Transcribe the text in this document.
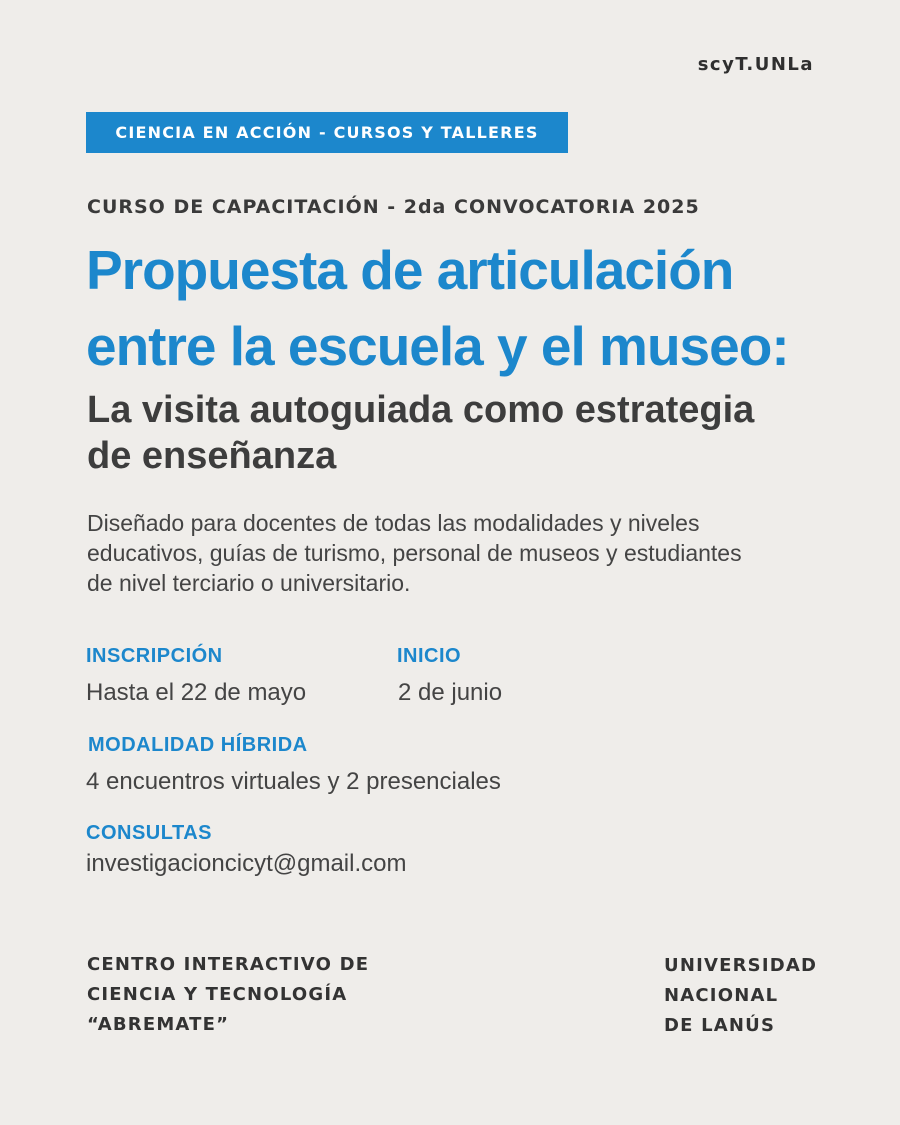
scyT.UNLa
CIENCIA EN ACCIÓN - CURSOS Y TALLERES
CURSO DE CAPACITACIÓN - 2da CONVOCATORIA 2025
Propuesta de articulación
entre la escuela y el museo:
La visita autoguiada como estrategia
de enseñanza

Diseñado para docentes de todas las modalidades y niveles
educativos, guías de turismo, personal de museos y estudiantes
de nivel terciario o universitario.

INSCRIPCIÓN
Hasta el 22 de mayo
INICIO
2 de junio
MODALIDAD HÍBRIDA
4 encuentros virtuales y 2 presenciales
CONSULTAS
investigacioncicyt@gmail.com
CENTRO INTERACTIVO DE
CIENCIA Y TECNOLOGÍA
“ABREMATE”
UNIVERSIDAD
NACIONAL
DE LANÚS
